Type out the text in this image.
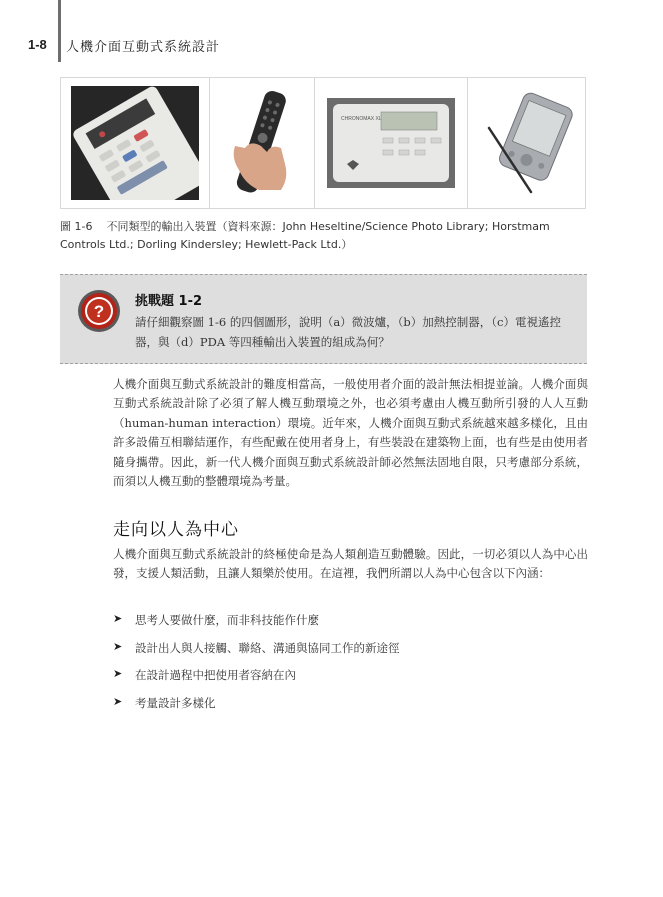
1-8 人機介面互動式系統設計
CHRONOMAX XL
圖 1-6 不同類型的輸出入裝置（資料來源：John Heseltine/Science Photo Library; Horstmam Controls Ltd.; Dorling Kindersley; Hewlett-Pack Ltd.）
?
挑戰題 1-2
請仔細觀察圖 1-6 的四個圖形，說明（a）微波爐，（b）加熱控制器，（c）電視遙控器，與（d）PDA 等四種輸出入裝置的組成為何？
人機介面與互動式系統設計的難度相當高，一般使用者介面的設計無法相提並論。人機介面與互動式系統設計除了必須了解人機互動環境之外，也必須考慮由人機互動所引發的人人互動（human-human interaction）環境。近年來，人機介面與互動式系統越來越多樣化，且由許多設備互相聯結運作，有些配戴在使用者身上，有些裝設在建築物上面，也有些是由使用者隨身攜帶。因此，新一代人機介面與互動式系統設計師必然無法固地自限，只考慮部分系統，而須以人機互動的整體環境為考量。
走向以人為中心
人機介面與互動式系統設計的終極使命是為人類創造互動體驗。因此，一切必須以人為中心出發，支援人類活動，且讓人類樂於使用。在這裡，我們所謂以人為中心包含以下內涵：
➤	思考人要做什麼，而非科技能作什麼
➤	設計出人與人接觸、聯絡、溝通與協同工作的新途徑
➤	在設計過程中把使用者容納在內
➤	考量設計多樣化
